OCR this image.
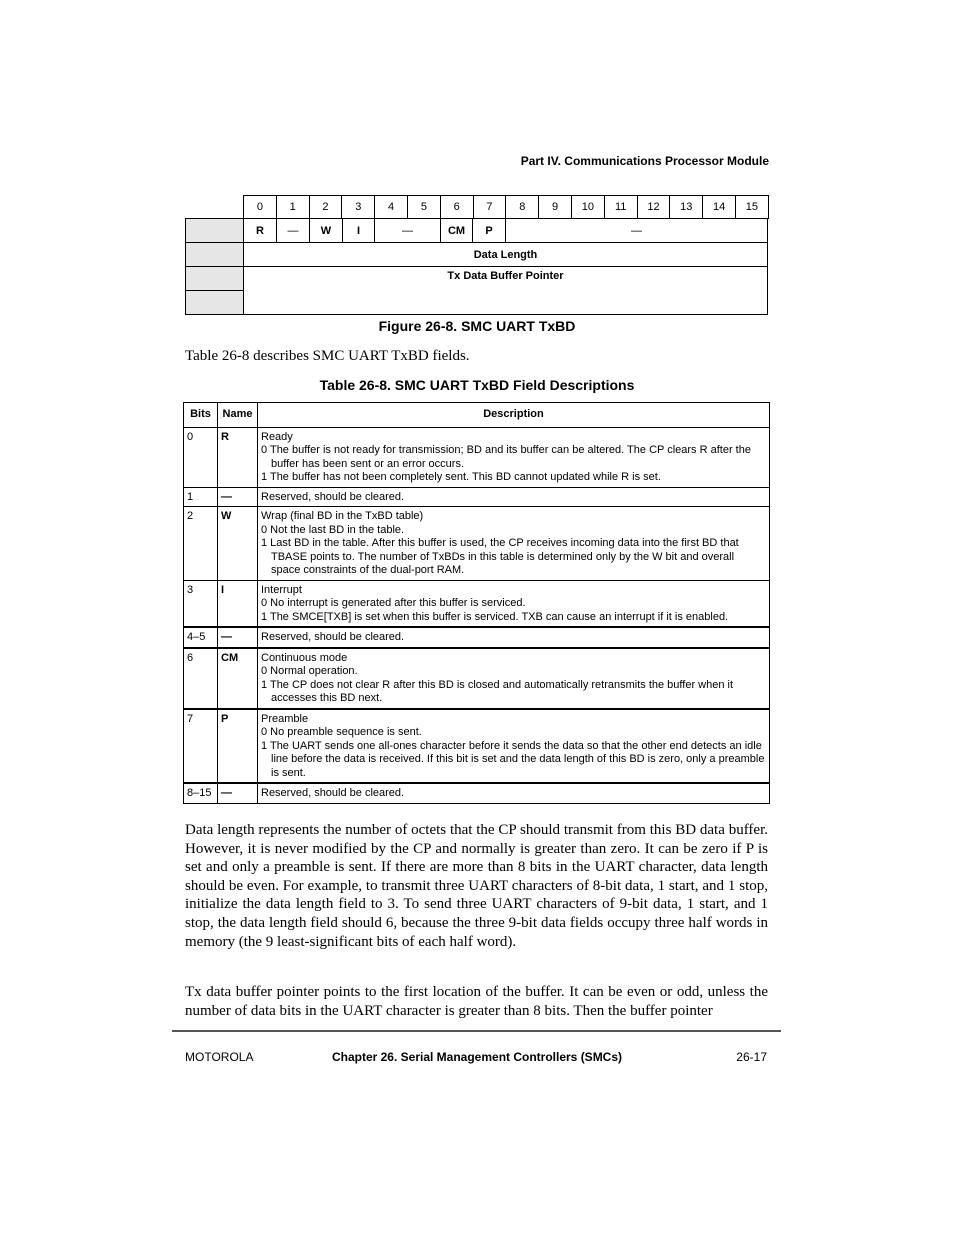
Part IV. Communications Processor Module
0	1	2	3	4	5	6	7	8	9	10	11	12	13	14	15
R	—	W	I	—	CM	P	—
Data Length
Tx Data Buffer Pointer
Figure 26-8. SMC UART TxBD
Table 26-8 describes SMC UART TxBD fields.
Table 26-8. SMC UART TxBD Field Descriptions
Bits	Name	Description
0	R	Ready
0 The buffer is not ready for transmission; BD and its buffer can be altered. The CP clears R after the buffer has been sent or an error occurs.
1 The buffer has not been completely sent. This BD cannot updated while R is set.

1	—	Reserved, should be cleared.

2	W	Wrap (final BD in the TxBD table)
0 Not the last BD in the table.
1 Last BD in the table. After this buffer is used, the CP receives incoming data into the first BD that TBASE points to. The number of TxBDs in this table is determined only by the W bit and overall space constraints of the dual-port RAM.

3	I	Interrupt
0 No interrupt is generated after this buffer is serviced.
1 The SMCE[TXB] is set when this buffer is serviced. TXB can cause an interrupt if it is enabled.

4–5	—	Reserved, should be cleared.

6	CM	Continuous mode
0 Normal operation.
1 The CP does not clear R after this BD is closed and automatically retransmits the buffer when it accesses this BD next.

7	P	Preamble
0 No preamble sequence is sent.
1 The UART sends one all-ones character before it sends the data so that the other end detects an idle line before the data is received. If this bit is set and the data length of this BD is zero, only a preamble is sent.

8–15	—	Reserved, should be cleared.
Data length represents the number of octets that the CP should transmit from this BD data buffer. However, it is never modified by the CP and normally is greater than zero. It can be zero if P is set and only a preamble is sent. If there are more than 8 bits in the UART character, data length should be even. For example, to transmit three UART characters of 8-bit data, 1 start, and 1 stop, initialize the data length field to 3. To send three UART characters of 9-bit data, 1 start, and 1 stop, the data length field should 6, because the three 9-bit data fields occupy three half words in memory (the 9 least-significant bits of each half word).
Tx data buffer pointer points to the first location of the buffer. It can be even or odd, unless the number of data bits in the UART character is greater than 8 bits. Then the buffer pointer
MOTOROLA	Chapter 26. Serial Management Controllers (SMCs)	26-17
